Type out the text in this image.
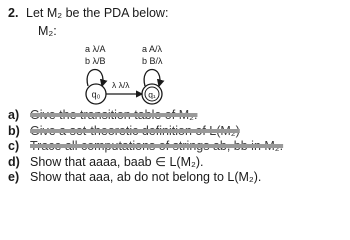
2. Let M₂ be the PDA below:
M₂:
a λ/A
b λ/B
a A/λ
b B/λ
λ λ/λ
q₀	q₁
a) Give the transition table of M₂.
b) Give a set-theoretic definition of L(M₂)
c) Trace all computations of strings ab, bb in M₂.
d) Show that aaaa, baab ∈ L(M₂).
e) Show that aaa, ab do not belong to L(M₂).
